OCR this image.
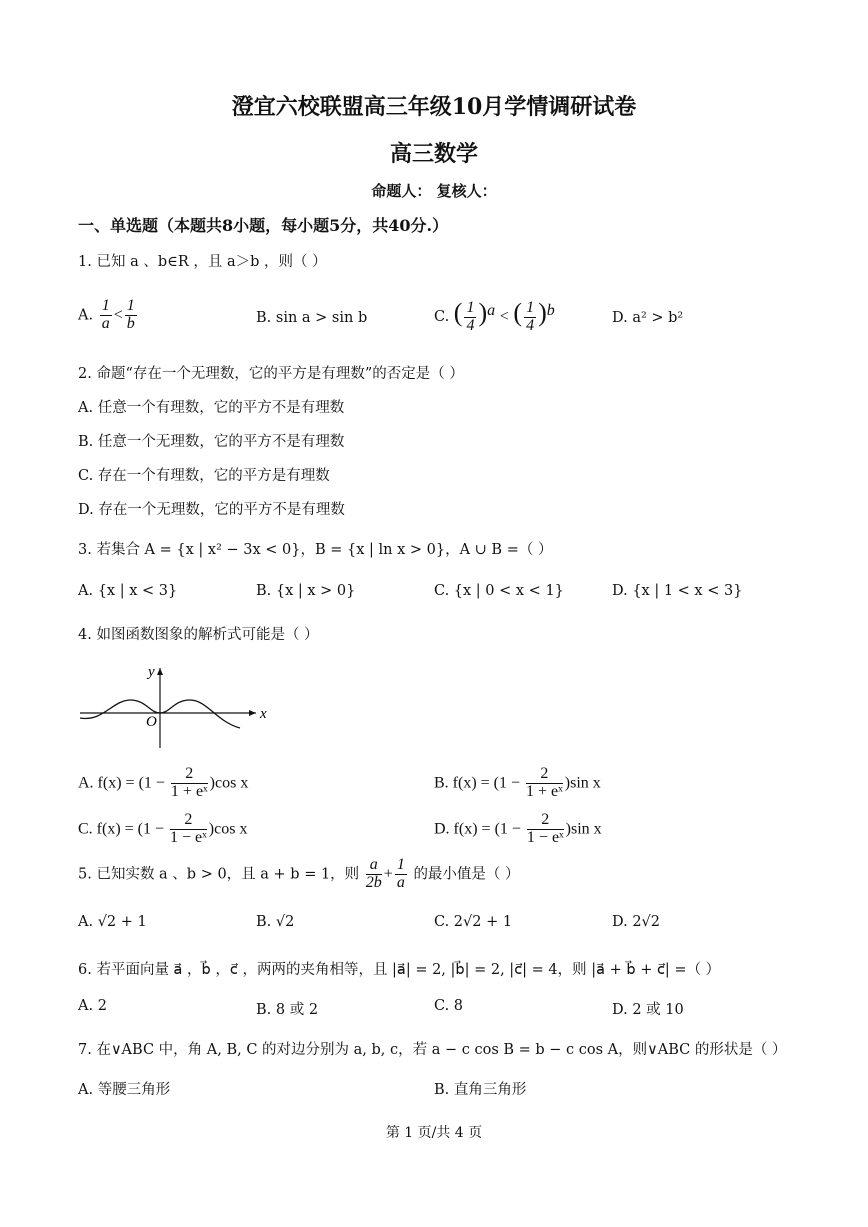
澄宜六校联盟高三年级10月学情调研试卷
高三数学
命题人： 复核人：
一、单选题（本题共8小题，每小题5分，共40分.）
1. 已知 a 、b∈R ，且 a＞b ，则（ ）
A. $\frac{1}{a} < \frac{1}{b}$	B. sin a > sin b	C. ( $\frac{1}{4} )^a$ < ( $\frac{1}{4} )^b$	D. a² > b²
2. 命题“存在一个无理数，它的平方是有理数”的否定是（ ）
A. 任意一个有理数，它的平方不是有理数
B. 任意一个无理数，它的平方不是有理数
C. 存在一个有理数，它的平方是有理数
D. 存在一个无理数，它的平方不是有理数
3. 若集合 A = {x | x² − 3x < 0}，B = {x | ln x > 0}，A ∪ B =（ ）
A. {x | x < 3}	B. {x | x > 0}	C. {x | 0 < x < 1}	D. {x | 1 < x < 3}
4. 如图函数图象的解析式可能是（ ）
x
y
O
A. $f(x) = (1 - \frac{2}{\text{1 + eˣ}} )\cos$ x	B. $f(x) = (1 - \frac{2}{\text{1 + eˣ}} )\sin$ x
C. $f(x) = (1 - \frac{2}{\text{1 − eˣ}} )\cos$ x	D. $f(x) = (1 - \frac{2}{\text{1 − eˣ}} )\sin$ x
5. 已知实数 a 、b > 0，且 a + b = 1，则 $\frac{a}{2b} + \frac{1}{a}$ 的最小值是（ ）
A. √2 + 1	B. √2	C. 2√2 + 1	D. 2√2
6. 若平面向量 a⃗ ，b⃗ ，c⃗ ，两两的夹角相等，且 |a⃗| = 2, |b⃗| = 2, |c⃗| = 4，则 |a⃗ + b⃗ + c⃗| =（ ）
A. 2	B. 8 或 2	C. 8	D. 2 或 10
7. 在∨ABC 中，角 A, B, C 的对边分别为 a, b, c，若 a − c cos B = b − c cos A，则∨ABC 的形状是（ ）
A. 等腰三角形	B. 直角三角形
第 1 页/共 4 页
